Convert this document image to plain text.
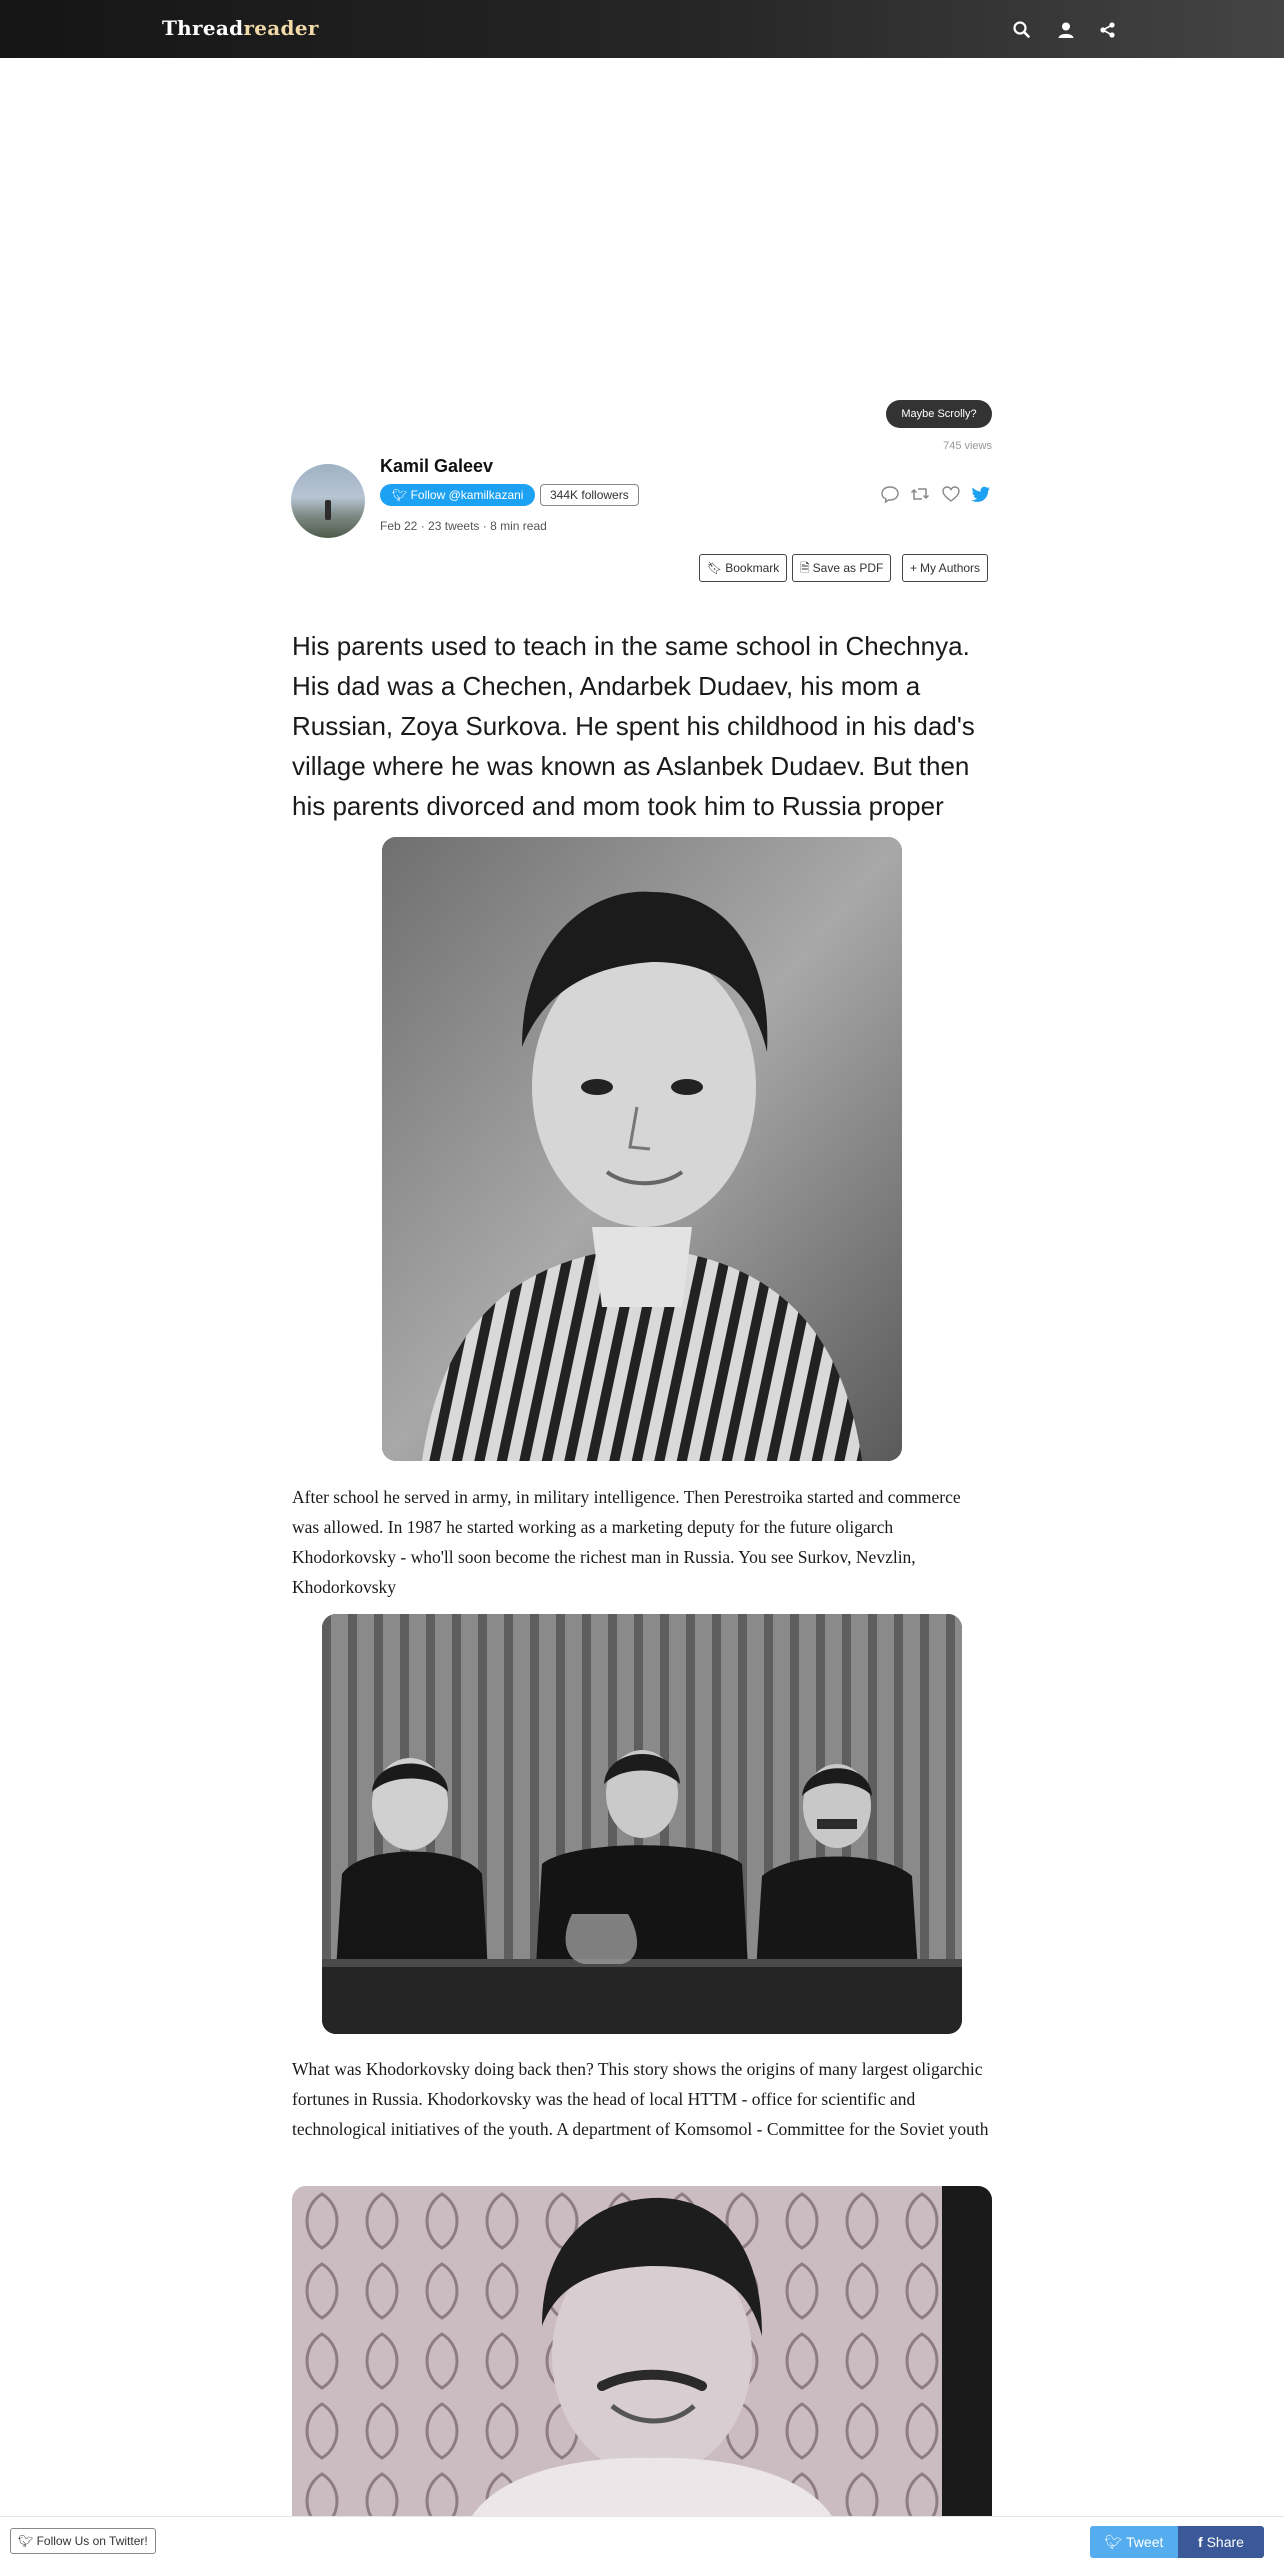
Threadreader
Maybe Scrolly?
745 views
Kamil Galeev
🐦︎ Follow @kamilkazani	344K followers
Feb 22 · 23 tweets · 8 min read

🔖︎ Bookmark	🗎 Save as PDF	+ My Authors
His parents used to teach in the same school in Chechnya. His dad was a Chechen, Andarbek Dudaev, his mom a Russian, Zoya Surkova. He spent his childhood in his dad's village where he was known as Aslanbek Dudaev. But then his parents divorced and mom took him to Russia proper
After school he served in army, in military intelligence. Then Perestroika started and commerce was allowed. In 1987 he started working as a marketing deputy for the future oligarch Khodorkovsky - who'll soon become the richest man in Russia. You see Surkov, Nevzlin, Khodorkovsky
What was Khodorkovsky doing back then? This story shows the origins of many largest oligarchic fortunes in Russia. Khodorkovsky was the head of local HTTM - office for scientific and technological initiatives of the youth. A department of Komsomol - Committee for the Soviet youth
🐦︎ Follow Us on Twitter!	🐦︎ Tweet	f Share
